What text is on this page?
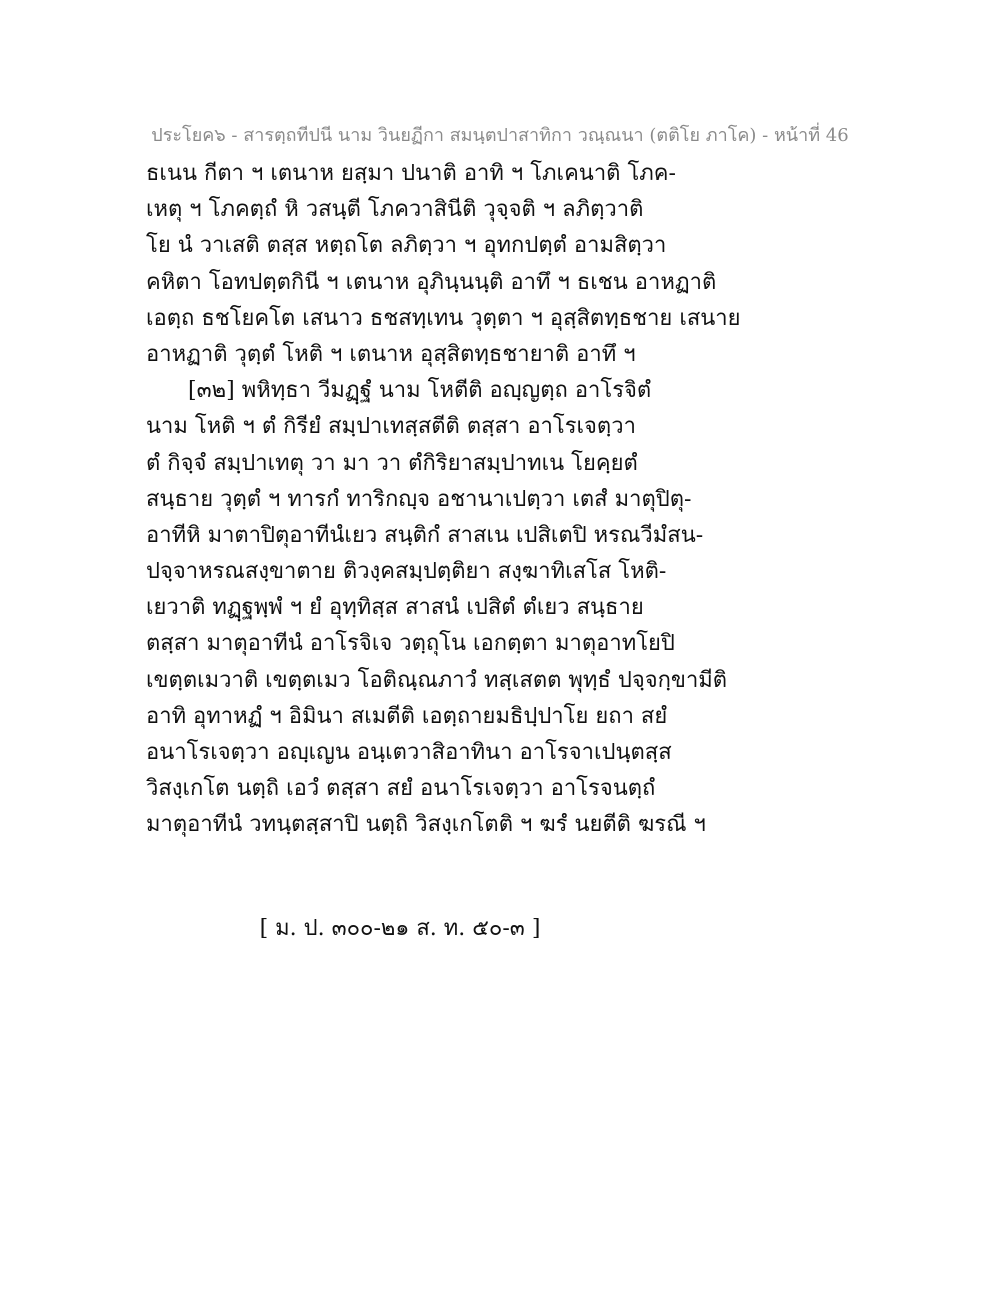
ประโยค๖ - สารตฺถทีปนี นาม วินยฏีกา สมนฺตปาสาทิกา วณฺณนา (ตติโย ภาโค) - หน้าที่ 46
ธเนน กีตา ฯ เตนาห ยสฺมา ปนาติ อาทิ ฯ โภเคนาติ โภค-
เหตุ ฯ โภคตฺถํ หิ วสนฺตี โภควาสินีติ วุจฺจติ ฯ ลภิตฺวาติ
โย นํ วาเสติ ตสฺส หตฺถโต ลภิตฺวา ฯ อุทกปตฺตํ อามสิตฺวา
คหิตา โอทปตฺตกินี ฯ เตนาห อุภินฺนนฺติ อาทึ ฯ ธเชน อาหฏาติ
เอตฺถ ธชโยคโต เสนาว ธชสทฺเทน วุตฺตา ฯ อุสฺสิตทฺธชาย เสนาย
อาหฏาติ วุตฺตํ โหติ ฯ เตนาห อุสฺสิตทฺธชายาติ อาทึ ฯ
[๓๒] พหิทฺธา วีมฏฺฐํ นาม โหตีติ อญฺญตฺถ อาโรจิตํ
นาม โหติ ฯ ตํ กิรียํ สมฺปาเทสฺสตีติ ตสฺสา อาโรเจตฺวา
ตํ กิจฺจํ สมฺปาเทตุ วา มา วา ตํกิริยาสมฺปาทเน โยคฺยตํ
สนฺธาย วุตฺตํ ฯ ทารกํ ทาริกญฺจ อชานาเปตฺวา เตสํ มาตุปิตุ-
อาทีหิ มาตาปิตุอาทีนํเยว สนฺติกํ สาสเน เปสิเตปิ หรณวีมํสน-
ปจฺจาหรณสงฺขาตาย ติวงฺคสมฺปตฺติยา สงฺฆาทิเสโส โหติ-
เยวาติ ทฏฺฐพฺพํ ฯ ยํ อุทฺทิสฺส สาสนํ เปสิตํ ตํเยว สนฺธาย
ตสฺสา มาตุอาทีนํ อาโรจิเจ วตฺถุโน เอกตฺตา มาตุอาทโยปิ
เขตฺตเมวาติ เขตฺตเมว โอติณฺณภาวํ ทสฺเสตต พุทฺธํ ปจฺจกฺขามีติ
อาทิ อุทาหฏํ ฯ อิมินา สเมตีติ เอตฺถายมธิปฺปาโย ยถา สยํ
อนาโรเจตฺวา อญฺเญน อนฺเตวาสิอาทินา อาโรจาเปนฺตสฺส
วิสงฺเกโต นตฺถิ เอวํ ตสฺสา สยํ อนาโรเจตฺวา อาโรจนตฺถํ
มาตุอาทีนํ วทนฺตสฺสาปิ นตฺถิ วิสงฺเกโตติ ฯ ฆรํ นยตีติ ฆรณี ฯ
[ ม. ป. ๓๐๐-๒๑ ส. ท. ๕๐-๓ ]
